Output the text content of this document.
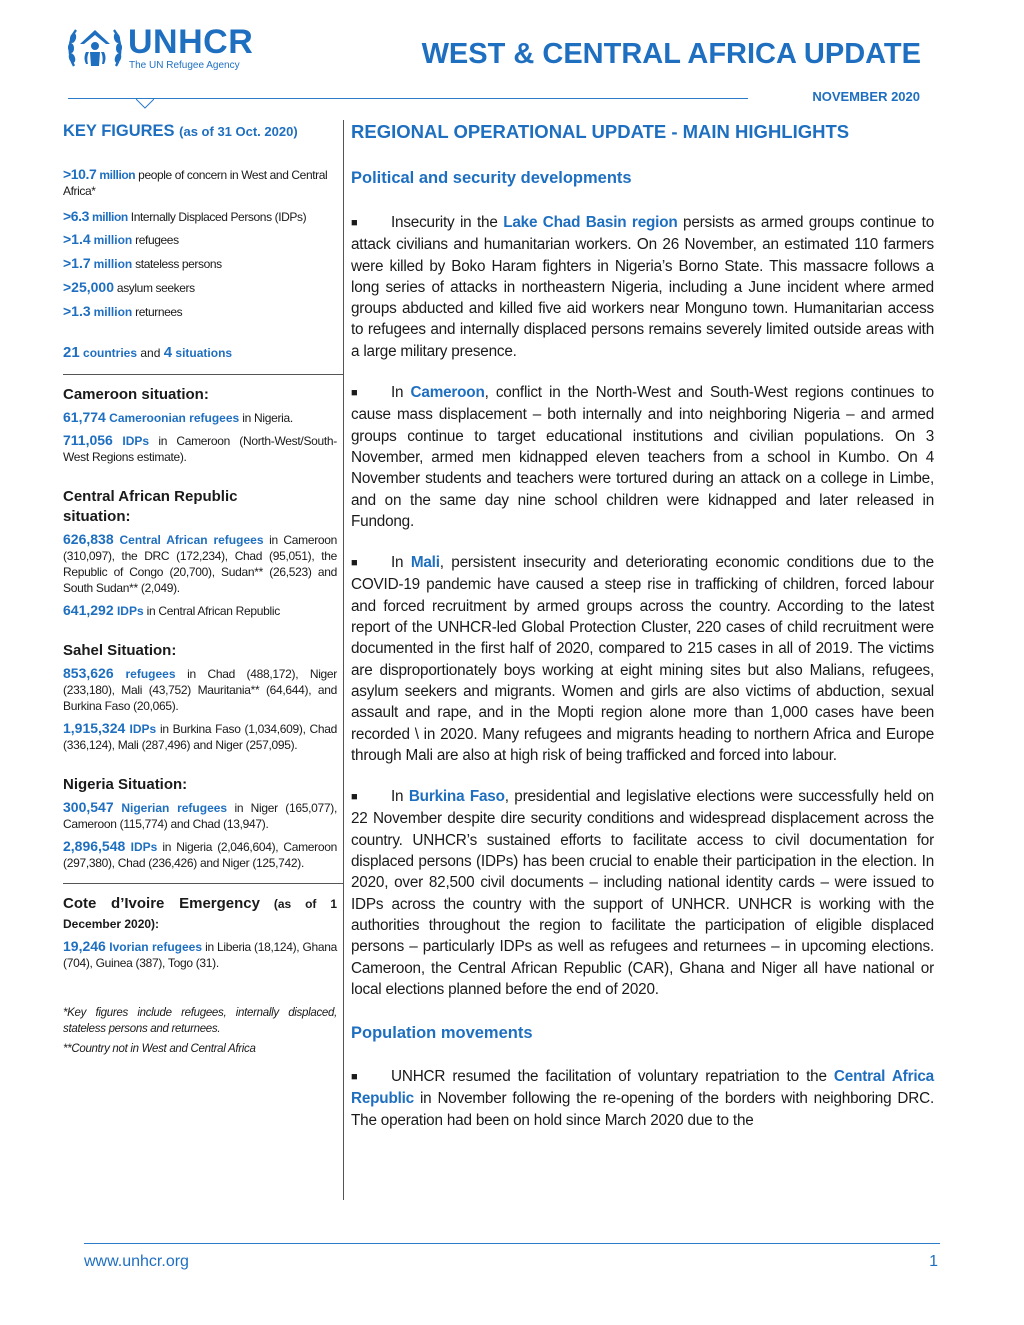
UNHCR
The UN Refugee Agency	WEST & CENTRAL AFRICA UPDATE
NOVEMBER 2020
KEY FIGURES (as of 31 Oct. 2020)
>10.7 million people of concern in West and Central Africa*
>6.3 million Internally Displaced Persons (IDPs)
>1.4 million refugees
>1.7 million stateless persons
>25,000 asylum seekers
>1.3 million returnees
21 countries and 4 situations
Cameroon situation:

61,774 Cameroonian refugees in Nigeria.

711,056 IDPs in Cameroon (North-West/South-West Regions estimate).

Central African Republic situation:

626,838 Central African refugees in Cameroon (310,097), the DRC (172,234), Chad (95,051), the Republic of Congo (20,700), Sudan** (26,523) and South Sudan** (2,049).

641,292 IDPs in Central African Republic

Sahel Situation:

853,626 refugees in Chad (488,172), Niger (233,180), Mali (43,752) Mauritania** (64,644), and Burkina Faso (20,065).

1,915,324 IDPs in Burkina Faso (1,034,609), Chad (336,124), Mali (287,496) and Niger (257,095).

Nigeria Situation:

300,547 Nigerian refugees in Niger (165,077), Cameroon (115,774) and Chad (13,947).

2,896,548 IDPs in Nigeria (2,046,604), Cameroon (297,380), Chad (236,426) and Niger (125,742).

Cote d’Ivoire Emergency (as of 1 December 2020):

19,246 Ivorian refugees in Liberia (18,124), Ghana (704), Guinea (387), Togo (31).

*Key figures include refugees, internally displaced, stateless persons and returnees.

**Country not in West and Central Africa

REGIONAL OPERATIONAL UPDATE - MAIN HIGHLIGHTS
Political and security developments

■ Insecurity in the Lake Chad Basin region persists as armed groups continue to attack civilians and humanitarian workers. On 26 November, an estimated 110 farmers were killed by Boko Haram fighters in Nigeria’s Borno State. This massacre follows a long series of attacks in northeastern Nigeria, including a June incident where armed groups abducted and killed five aid workers near Monguno town. Humanitarian access to refugees and internally displaced persons remains severely limited outside areas with a large military presence.

■ In Cameroon, conflict in the North-West and South-West regions continues to cause mass displacement – both internally and into neighboring Nigeria – and armed groups continue to target educational institutions and civilian populations. On 3 November, armed men kidnapped eleven teachers from a school in Kumbo. On 4 November students and teachers were tortured during an attack on a college in Limbe, and on the same day nine school children were kidnapped and later released in Fundong.

■ In Mali, persistent insecurity and deteriorating economic conditions due to the COVID-19 pandemic have caused a steep rise in trafficking of children, forced labour and forced recruitment by armed groups across the country. According to the latest report of the UNHCR-led Global Protection Cluster, 220 cases of child recruitment were documented in the first half of 2020, compared to 215 cases in all of 2019. The victims are disproportionately boys working at eight mining sites but also Malians, refugees, asylum seekers and migrants. Women and girls are also victims of abduction, sexual assault and rape, and in the Mopti region alone more than 1,000 cases have been recorded \ in 2020. Many refugees and migrants heading to northern Africa and Europe through Mali are also at high risk of being trafficked and forced into labour.

■ In Burkina Faso, presidential and legislative elections were successfully held on 22 November despite dire security conditions and widespread displacement across the country. UNHCR’s sustained efforts to facilitate access to civil documentation for displaced persons (IDPs) has been crucial to enable their participation in the election. In 2020, over 82,500 civil documents – including national identity cards – were issued to IDPs across the country with the support of UNHCR. UNHCR is working with the authorities throughout the region to facilitate the participation of eligible displaced persons – particularly IDPs as well as refugees and returnees – in upcoming elections. Cameroon, the Central African Republic (CAR), Ghana and Niger all have national or local elections planned before the end of 2020.

Population movements

■ UNHCR resumed the facilitation of voluntary repatriation to the Central Africa Republic in November following the re-opening of the borders with neighboring DRC. The operation had been on hold since March 2020 due to the

www.unhcr.org	1
